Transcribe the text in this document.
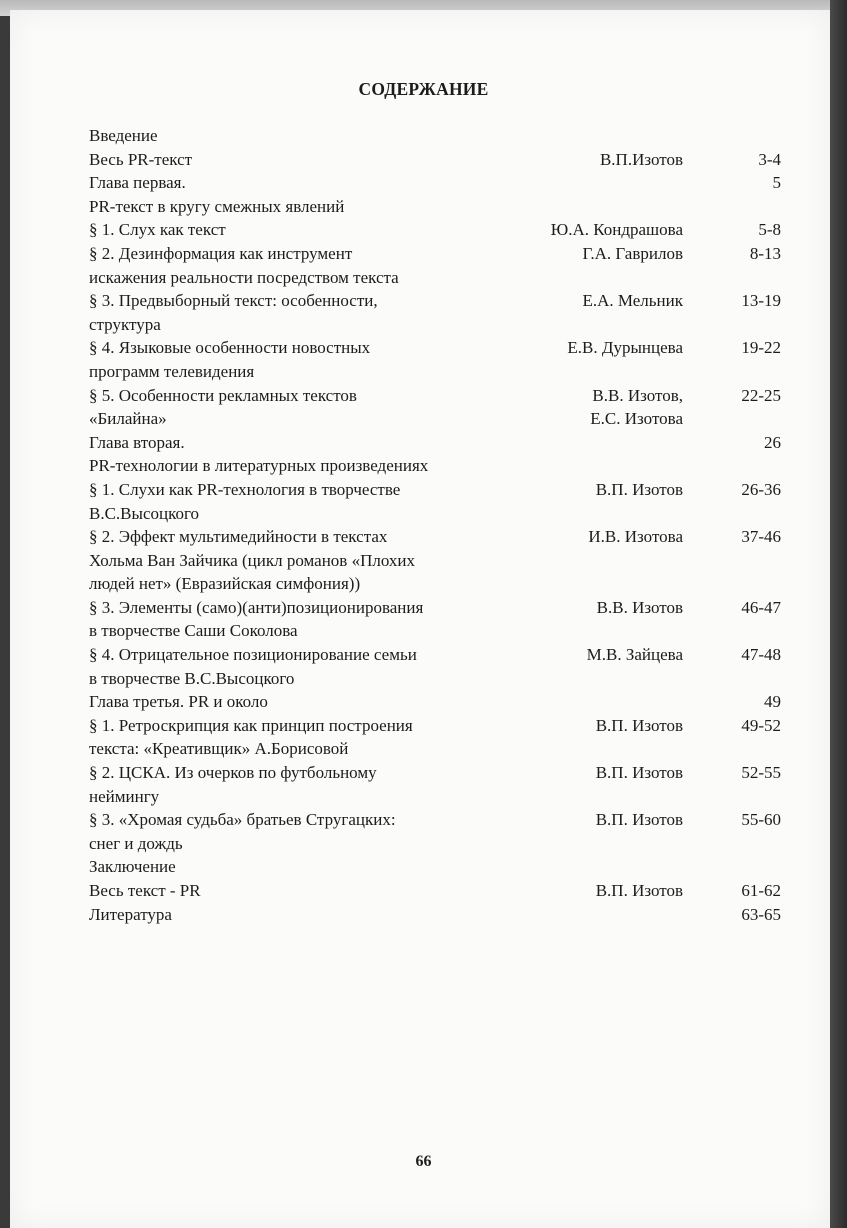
СОДЕРЖАНИЕ
Введение
Весь PR-текст	В.П.Изотов	3-4
Глава первая.	5
PR-текст в кругу смежных явлений
§ 1. Слух как текст	Ю.А. Кондрашова	5-8
§ 2. Дезинформация как инструмент	Г.А. Гаврилов	8-13
искажения реальности посредством текста
§ 3. Предвыборный текст: особенности,	Е.А. Мельник	13-19
структура
§ 4. Языковые особенности новостных	Е.В. Дурынцева	19-22
программ телевидения
§ 5. Особенности рекламных текстов	В.В. Изотов,	22-25
«Билайна»	Е.С. Изотова
Глава вторая.	26
PR-технологии в литературных произведениях
§ 1. Слухи как PR-технология в творчестве	В.П. Изотов	26-36
В.С.Высоцкого
§ 2. Эффект мультимедийности в текстах	И.В. Изотова	37-46
Хольма Ван Зайчика (цикл романов «Плохих
людей нет» (Евразийская симфония))
§ 3. Элементы (само)(анти)позиционирования	В.В. Изотов	46-47
в творчестве Саши Соколова
§ 4. Отрицательное позиционирование семьи	М.В. Зайцева	47-48
в творчестве В.С.Высоцкого
Глава третья. PR и около	49
§ 1. Ретроскрипция как принцип построения	В.П. Изотов	49-52
текста: «Креативщик» А.Борисовой
§ 2. ЦСКА. Из очерков по футбольному	В.П. Изотов	52-55
неймингу
§ 3. «Хромая судьба» братьев Стругацких:	В.П. Изотов	55-60
снег и дождь
Заключение
Весь текст - PR	В.П. Изотов	61-62
Литература	63-65
66
